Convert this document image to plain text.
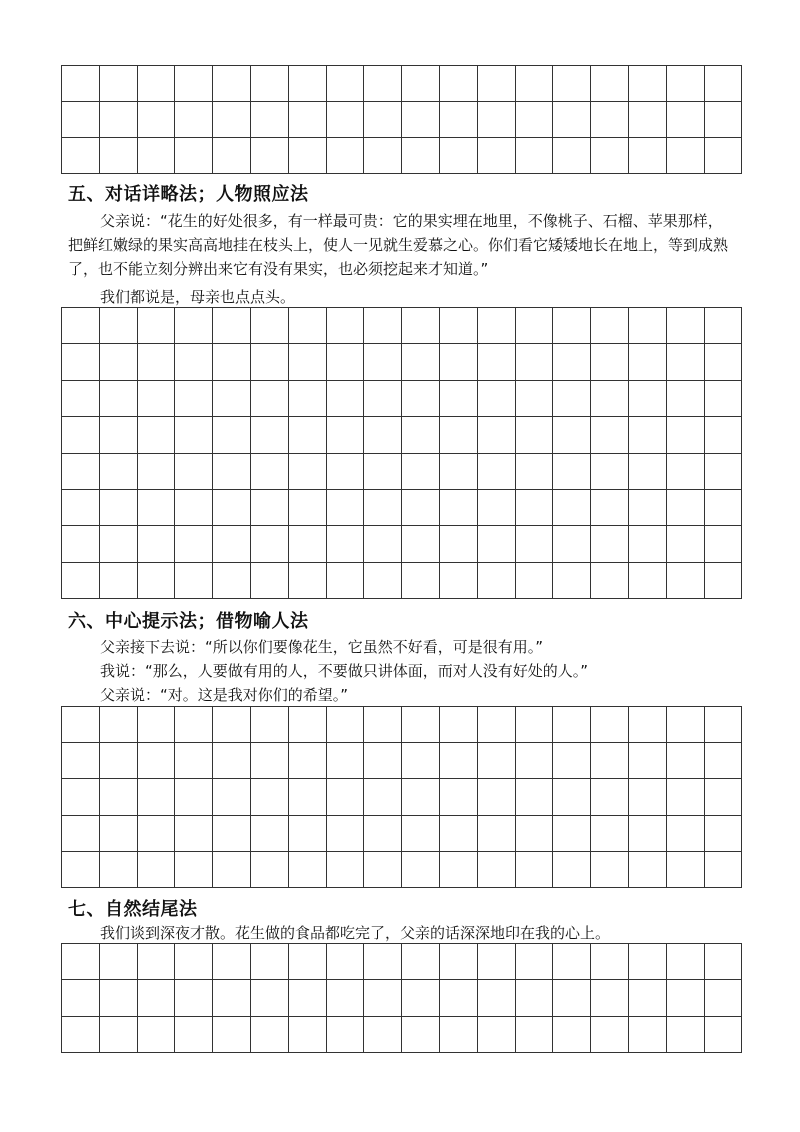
五、对话详略法；人物照应法

父亲说：“花生的好处很多，有一样最可贵：它的果实埋在地里，不像桃子、石榴、苹果那样，把鲜红嫩绿的果实高高地挂在枝头上，使人一见就生爱慕之心。你们看它矮矮地长在地上，等到成熟了，也不能立刻分辨出来它有没有果实，也必须挖起来才知道。”

我们都说是，母亲也点点头。

六、中心提示法；借物喻人法

父亲接下去说：“所以你们要像花生，它虽然不好看，可是很有用。”

我说：“那么，人要做有用的人，不要做只讲体面，而对人没有好处的人。”

父亲说：“对。这是我对你们的希望。”

七、自然结尾法

我们谈到深夜才散。花生做的食品都吃完了，父亲的话深深地印在我的心上。
